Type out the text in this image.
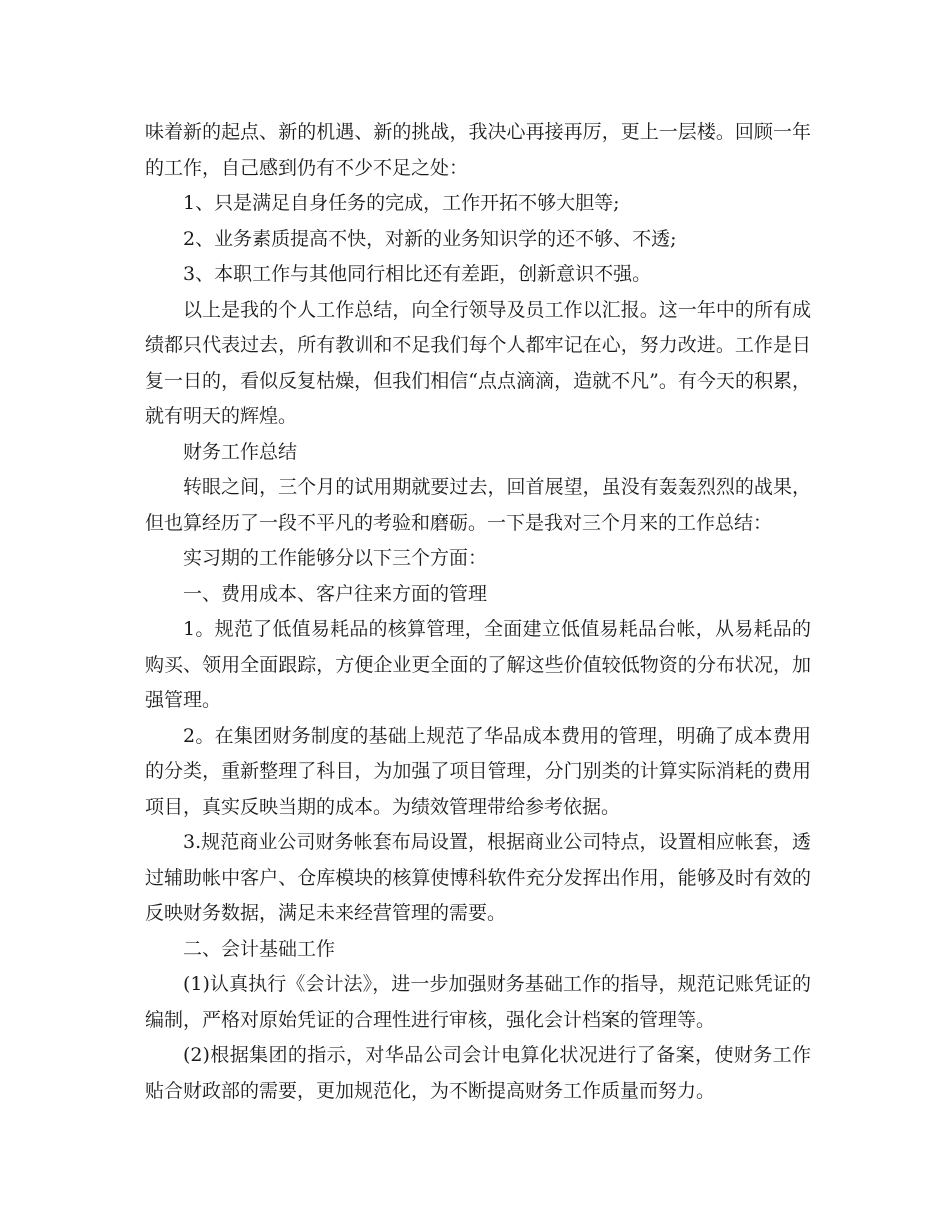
味着新的起点、新的机遇、新的挑战，我决心再接再厉，更上一层楼。回顾一年的工作，自己感到仍有不少不足之处：

1、只是满足自身任务的完成，工作开拓不够大胆等;

2、业务素质提高不快，对新的业务知识学的还不够、不透;

3、本职工作与其他同行相比还有差距，创新意识不强。

以上是我的个人工作总结，向全行领导及员工作以汇报。这一年中的所有成绩都只代表过去，所有教训和不足我们每个人都牢记在心，努力改进。工作是日复一日的，看似反复枯燥，但我们相信“点点滴滴，造就不凡”。有今天的积累，就有明天的辉煌。

财务工作总结

转眼之间，三个月的试用期就要过去，回首展望，虽没有轰轰烈烈的战果，但也算经历了一段不平凡的考验和磨砺。一下是我对三个月来的工作总结：

实习期的工作能够分以下三个方面：

一、费用成本、客户往来方面的管理

1。规范了低值易耗品的核算管理，全面建立低值易耗品台帐，从易耗品的购买、领用全面跟踪，方便企业更全面的了解这些价值较低物资的分布状况，加强管理。

2。在集团财务制度的基础上规范了华品成本费用的管理，明确了成本费用的分类，重新整理了科目，为加强了项目管理，分门别类的计算实际消耗的费用项目，真实反映当期的成本。为绩效管理带给参考依据。

3.规范商业公司财务帐套布局设置，根据商业公司特点，设置相应帐套，透过辅助帐中客户、仓库模块的核算使博科软件充分发挥出作用，能够及时有效的反映财务数据，满足未来经营管理的需要。

二、会计基础工作

(1)认真执行《会计法》，进一步加强财务基础工作的指导，规范记账凭证的编制，严格对原始凭证的合理性进行审核，强化会计档案的管理等。

(2)根据集团的指示，对华品公司会计电算化状况进行了备案，使财务工作贴合财政部的需要，更加规范化，为不断提高财务工作质量而努力。
